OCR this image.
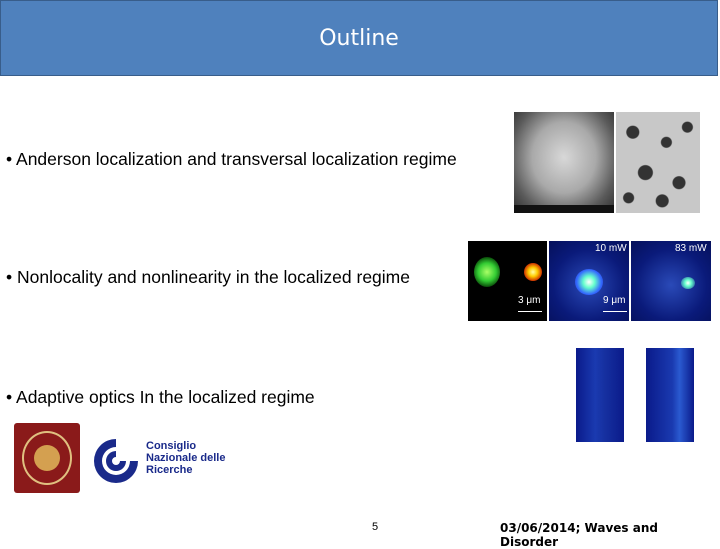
Outline
• Anderson localization and transversal localization regime
• Nonlocality and nonlinearity in the localized regime
• Adaptive optics In the localized regime
3 μm
10 mW
9 μm
83 mW
Consiglio
Nazionale delle
Ricerche
5	03/06/2014; Waves and Disorder
